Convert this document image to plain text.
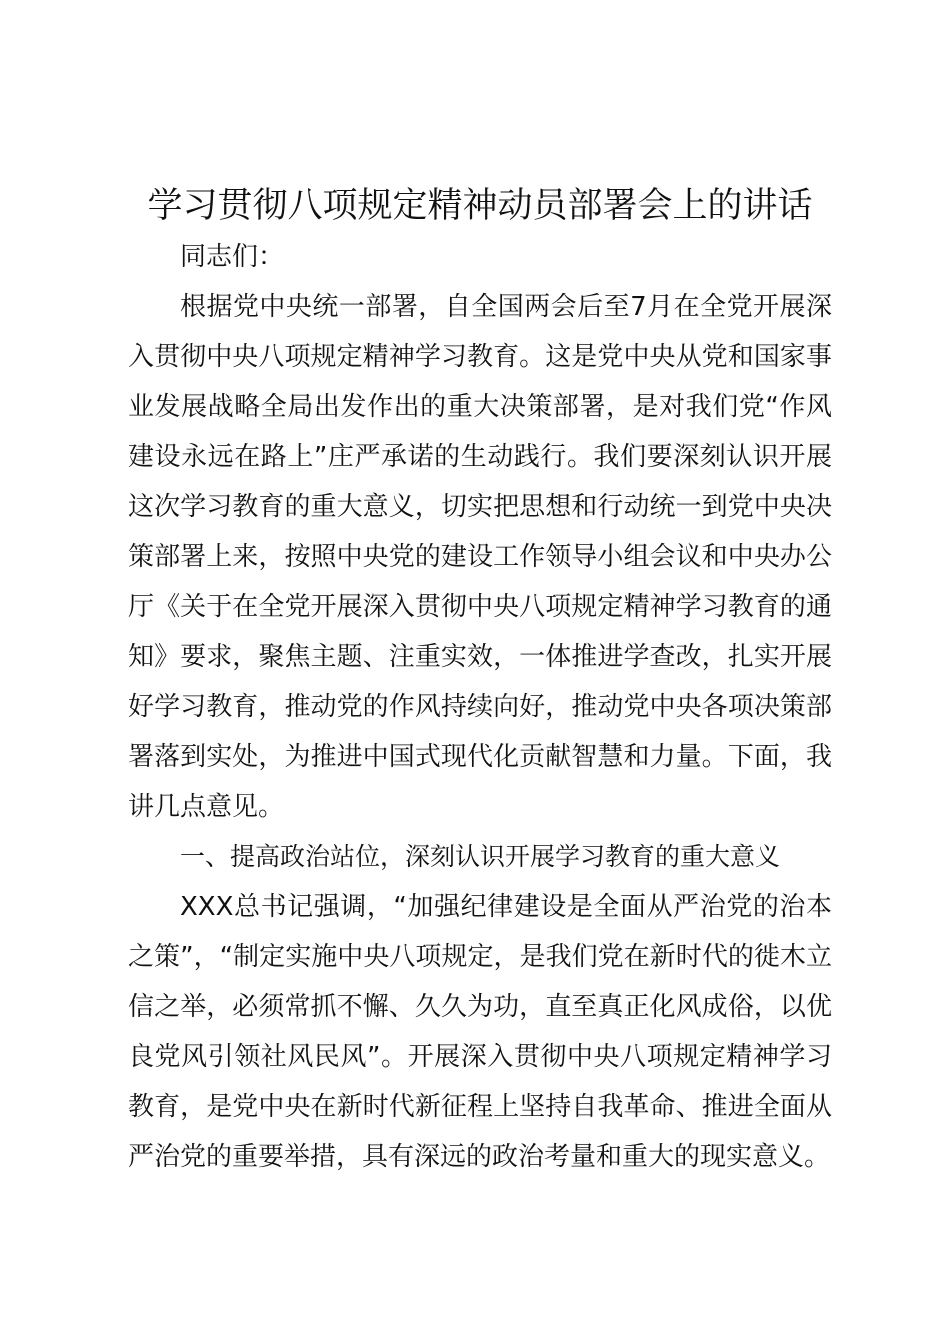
学习贯彻八项规定精神动员部署会上的讲话

同志们：

根据党中央统一部署，自全国两会后至7月在全党开展深入贯彻中央八项规定精神学习教育。这是党中央从党和国家事业发展战略全局出发作出的重大决策部署，是对我们党“作风建设永远在路上”庄严承诺的生动践行。我们要深刻认识开展这次学习教育的重大意义，切实把思想和行动统一到党中央决策部署上来，按照中央党的建设工作领导小组会议和中央办公厅《关于在全党开展深入贯彻中央八项规定精神学习教育的通知》要求，聚焦主题、注重实效，一体推进学查改，扎实开展好学习教育，推动党的作风持续向好，推动党中央各项决策部署落到实处，为推进中国式现代化贡献智慧和力量。下面，我讲几点意见。

一、提高政治站位，深刻认识开展学习教育的重大意义

XXX总书记强调，“加强纪律建设是全面从严治党的治本之策”，“制定实施中央八项规定，是我们党在新时代的徙木立信之举，必须常抓不懈、久久为功，直至真正化风成俗，以优良党风引领社风民风”。开展深入贯彻中央八项规定精神学习教育，是党中央在新时代新征程上坚持自我革命、推进全面从严治党的重要举措，具有深远的政治考量和重大的现实意义。
